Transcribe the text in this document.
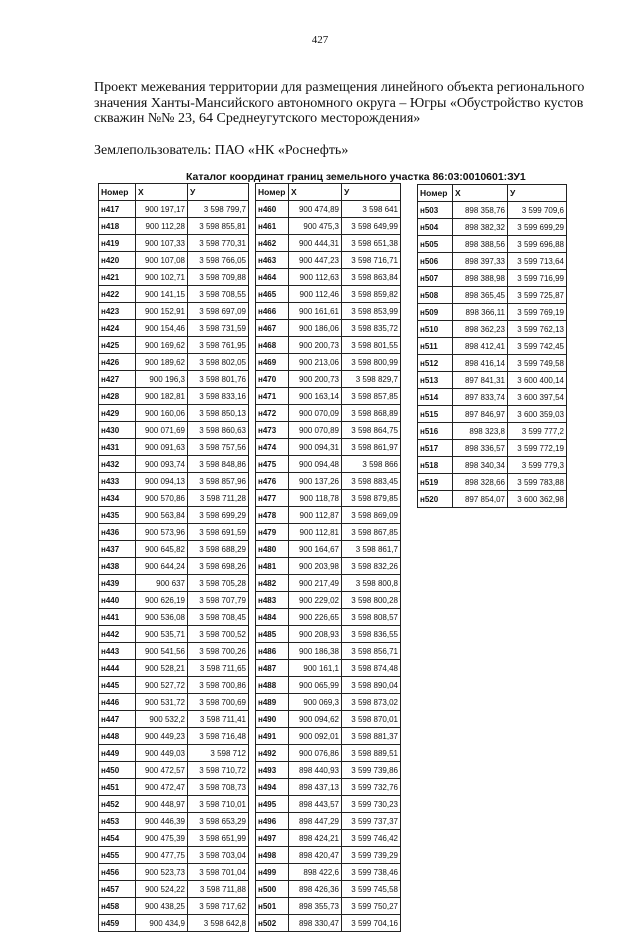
427
Проект межевания территории для размещения линейного объекта регионального значения Ханты-Мансийского автономного округа – Югры «Обустройство кустов скважин №№ 23, 64 Среднеугутского месторождения»
Землепользователь: ПАО «НК «Роснефть»
Каталог координат границ земельного участка 86:03:0010601:ЗУ1
Номер	X	У
н417	900 197,17	3 598 799,7
н418	900 112,28	3 598 855,81
н419	900 107,33	3 598 770,31
н420	900 107,08	3 598 766,05
н421	900 102,71	3 598 709,88
н422	900 141,15	3 598 708,55
н423	900 152,91	3 598 697,09
н424	900 154,46	3 598 731,59
н425	900 169,62	3 598 761,95
н426	900 189,62	3 598 802,05
н427	900 196,3	3 598 801,76
н428	900 182,81	3 598 833,16
н429	900 160,06	3 598 850,13
н430	900 071,69	3 598 860,63
н431	900 091,63	3 598 757,56
н432	900 093,74	3 598 848,86
н433	900 094,13	3 598 857,96
н434	900 570,86	3 598 711,28
н435	900 563,84	3 598 699,29
н436	900 573,96	3 598 691,59
н437	900 645,82	3 598 688,29
н438	900 644,24	3 598 698,26
н439	900 637	3 598 705,28
н440	900 626,19	3 598 707,79
н441	900 536,08	3 598 708,45
н442	900 535,71	3 598 700,52
н443	900 541,56	3 598 700,26
н444	900 528,21	3 598 711,65
н445	900 527,72	3 598 700,86
н446	900 531,72	3 598 700,69
н447	900 532,2	3 598 711,41
н448	900 449,23	3 598 716,48
н449	900 449,03	3 598 712
н450	900 472,57	3 598 710,72
н451	900 472,47	3 598 708,73
н452	900 448,97	3 598 710,01
н453	900 446,39	3 598 653,29
н454	900 475,39	3 598 651,99
н455	900 477,75	3 598 703,04
н456	900 523,73	3 598 701,04
н457	900 524,22	3 598 711,88
н458	900 438,25	3 598 717,62
н459	900 434,9	3 598 642,8
Номер	X	У
н460	900 474,89	3 598 641
н461	900 475,3	3 598 649,99
н462	900 444,31	3 598 651,38
н463	900 447,23	3 598 716,71
н464	900 112,63	3 598 863,84
н465	900 112,46	3 598 859,82
н466	900 161,61	3 598 853,99
н467	900 186,06	3 598 835,72
н468	900 200,73	3 598 801,55
н469	900 213,06	3 598 800,99
н470	900 200,73	3 598 829,7
н471	900 163,14	3 598 857,85
н472	900 070,09	3 598 868,89
н473	900 070,89	3 598 864,75
н474	900 094,31	3 598 861,97
н475	900 094,48	3 598 866
н476	900 137,26	3 598 883,45
н477	900 118,78	3 598 879,85
н478	900 112,87	3 598 869,09
н479	900 112,81	3 598 867,85
н480	900 164,67	3 598 861,7
н481	900 203,98	3 598 832,26
н482	900 217,49	3 598 800,8
н483	900 229,02	3 598 800,28
н484	900 226,65	3 598 808,57
н485	900 208,93	3 598 836,55
н486	900 186,38	3 598 856,71
н487	900 161,1	3 598 874,48
н488	900 065,99	3 598 890,04
н489	900 069,3	3 598 873,02
н490	900 094,62	3 598 870,01
н491	900 092,01	3 598 881,37
н492	900 076,86	3 598 889,51
н493	898 440,93	3 599 739,86
н494	898 437,13	3 599 732,76
н495	898 443,57	3 599 730,23
н496	898 447,29	3 599 737,37
н497	898 424,21	3 599 746,42
н498	898 420,47	3 599 739,29
н499	898 422,6	3 599 738,46
н500	898 426,36	3 599 745,58
н501	898 355,73	3 599 750,27
н502	898 330,47	3 599 704,16
Номер	X	У
н503	898 358,76	3 599 709,6
н504	898 382,32	3 599 699,29
н505	898 388,56	3 599 696,88
н506	898 397,33	3 599 713,64
н507	898 388,98	3 599 716,99
н508	898 365,45	3 599 725,87
н509	898 366,11	3 599 769,19
н510	898 362,23	3 599 762,13
н511	898 412,41	3 599 742,45
н512	898 416,14	3 599 749,58
н513	897 841,31	3 600 400,14
н514	897 833,74	3 600 397,54
н515	897 846,97	3 600 359,03
н516	898 323,8	3 599 777,2
н517	898 336,57	3 599 772,19
н518	898 340,34	3 599 779,3
н519	898 328,66	3 599 783,88
н520	897 854,07	3 600 362,98
